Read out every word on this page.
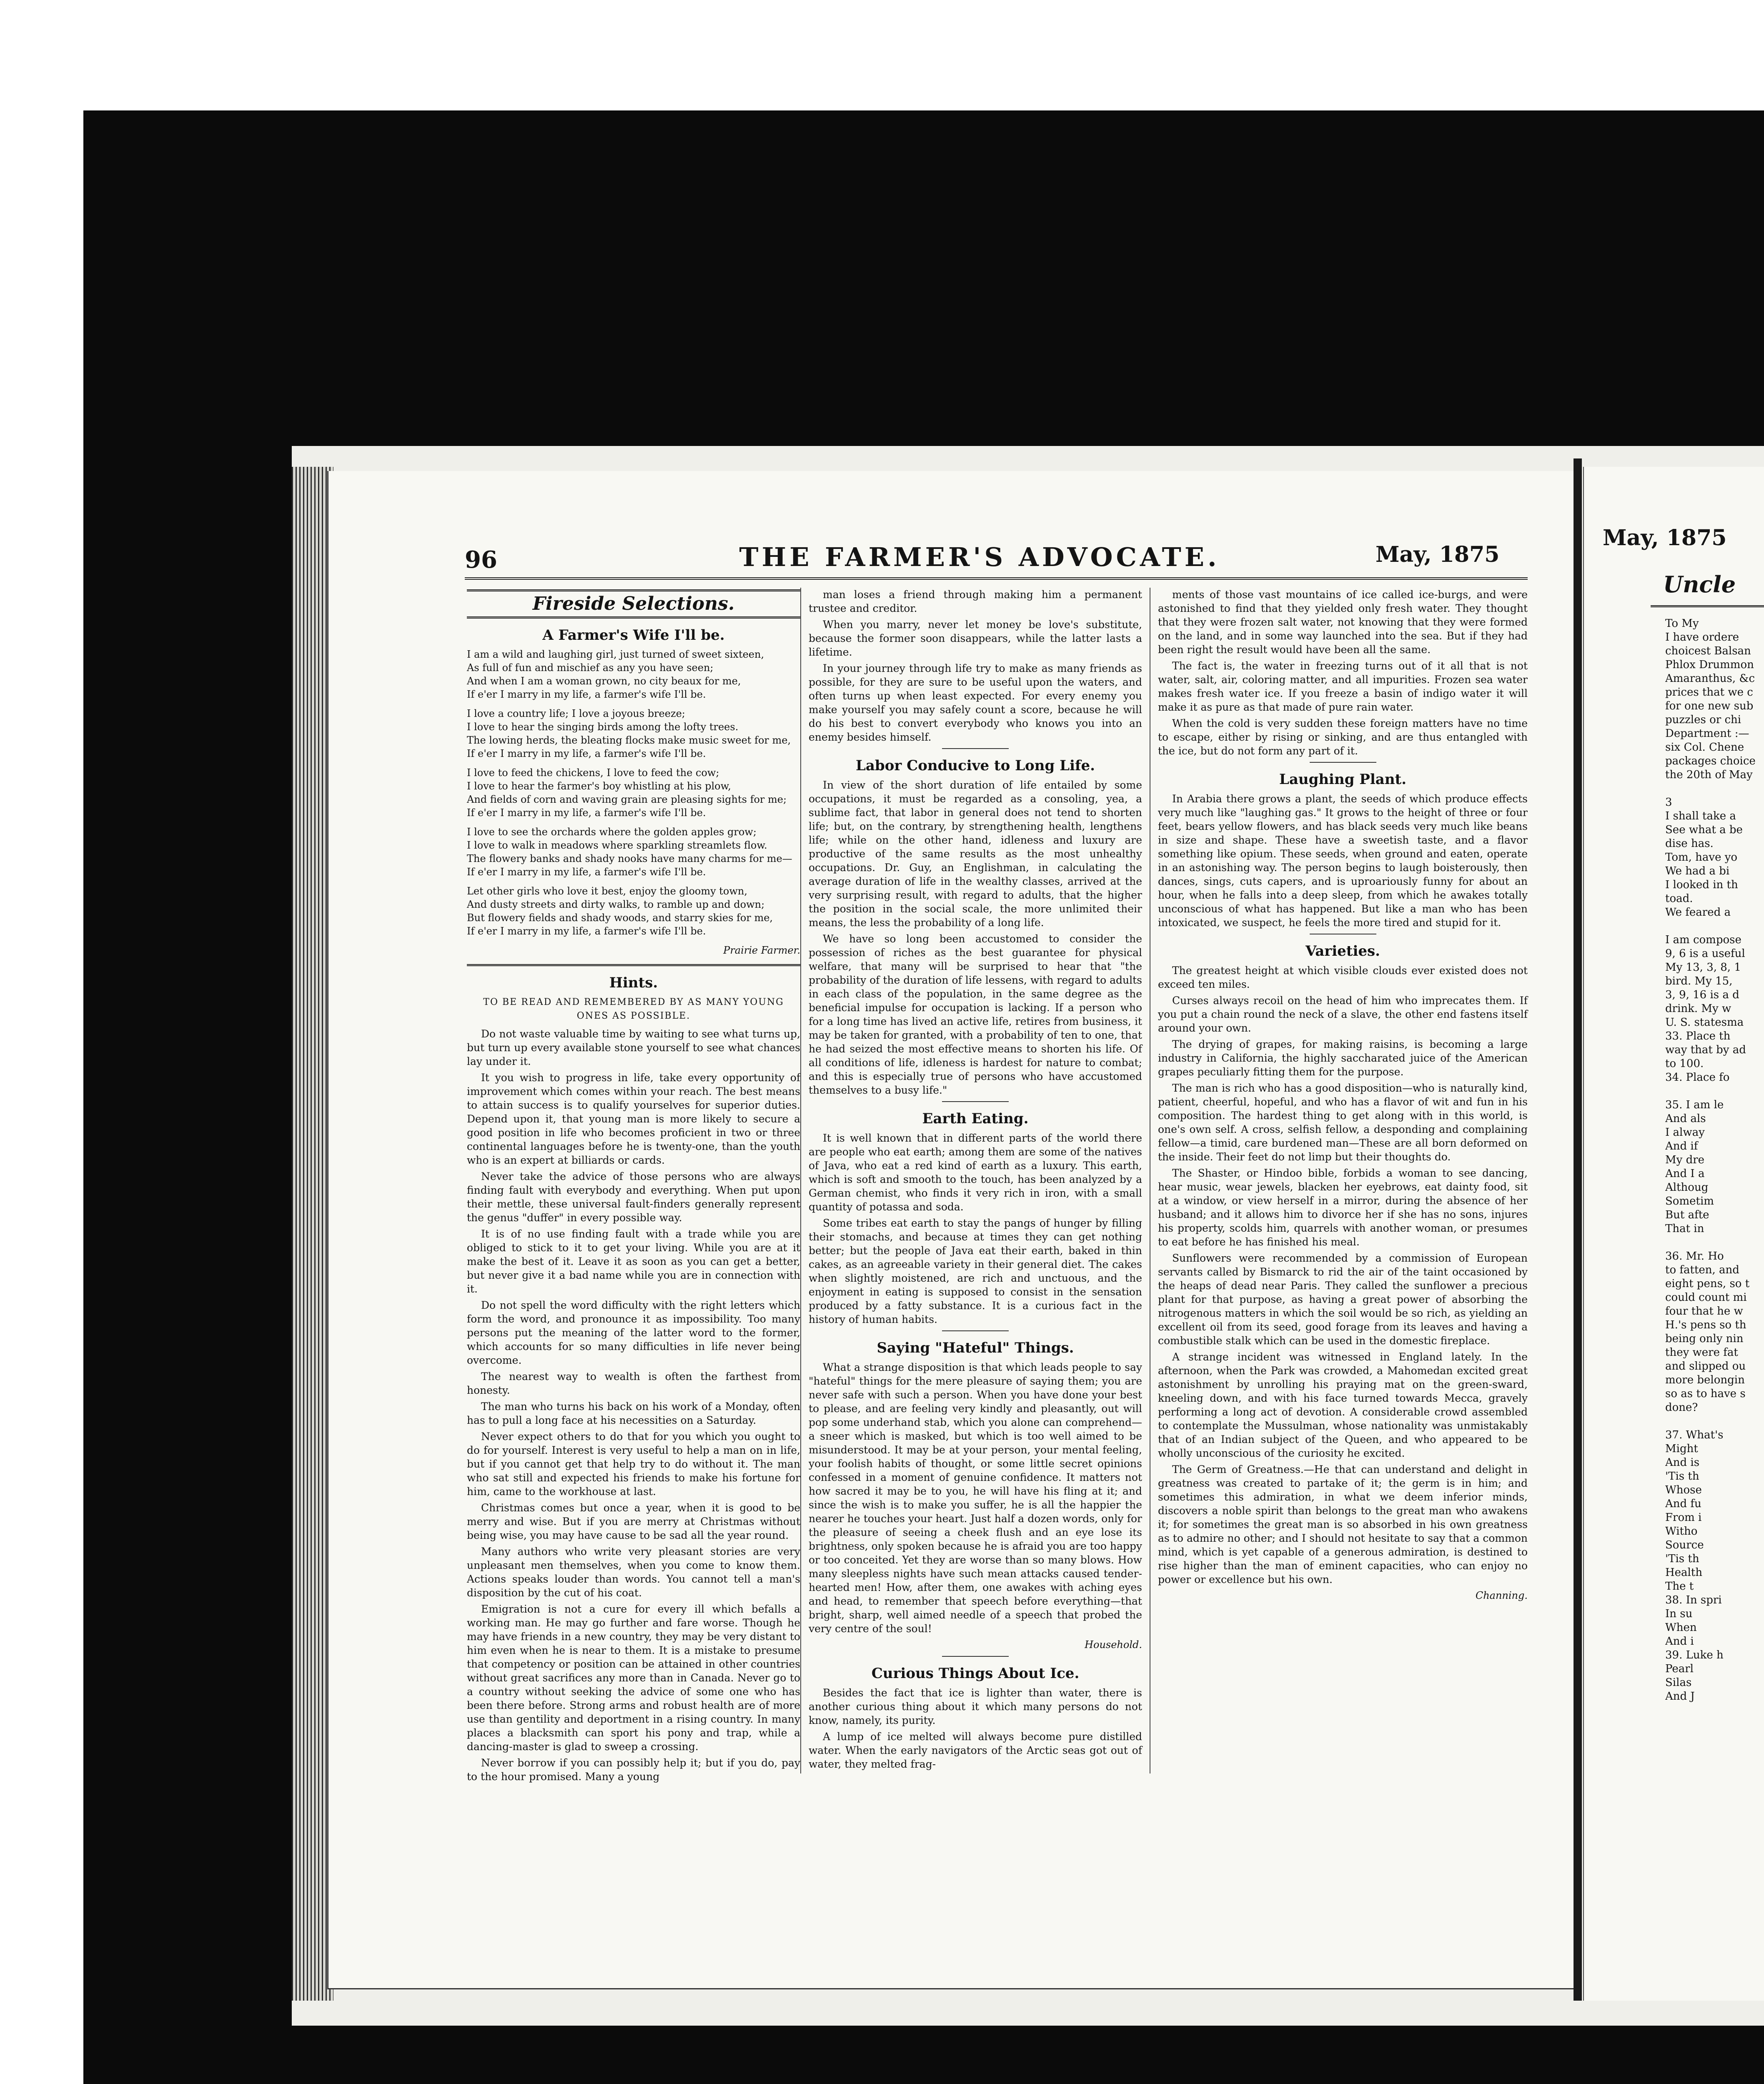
96	THE FARMER'S ADVOCATE.	May, 1875
Fireside Selections.
A Farmer's Wife I'll be.
I am a wild and laughing girl, just turned of sweet sixteen,
As full of fun and mischief as any you have seen;
And when I am a woman grown, no city beaux for me,
If e'er I marry in my life, a farmer's wife I'll be.
I love a country life; I love a joyous breeze;
I love to hear the singing birds among the lofty trees.
The lowing herds, the bleating flocks make music sweet for me,
If e'er I marry in my life, a farmer's wife I'll be.
I love to feed the chickens, I love to feed the cow;
I love to hear the farmer's boy whistling at his plow,
And fields of corn and waving grain are pleasing sights for me;
If e'er I marry in my life, a farmer's wife I'll be.
I love to see the orchards where the golden apples grow;
I love to walk in meadows where sparkling streamlets flow.
The flowery banks and shady nooks have many charms for me—
If e'er I marry in my life, a farmer's wife I'll be.
Let other girls who love it best, enjoy the gloomy town,
And dusty streets and dirty walks, to ramble up and down;
But flowery fields and shady woods, and starry skies for me,
If e'er I marry in my life, a farmer's wife I'll be.
Prairie Farmer.
Hints.
TO BE READ AND REMEMBERED BY AS MANY YOUNG ONES AS POSSIBLE.

Do not waste valuable time by waiting to see what turns up, but turn up every available stone yourself to see what chances lay under it.

It you wish to progress in life, take every opportunity of improvement which comes within your reach. The best means to attain success is to qualify yourselves for superior duties. Depend upon it, that young man is more likely to secure a good position in life who becomes proficient in two or three continental languages before he is twenty-one, than the youth who is an expert at billiards or cards.

Never take the advice of those persons who are always finding fault with everybody and everything. When put upon their mettle, these universal fault-finders generally represent the genus "duffer" in every possible way.

It is of no use finding fault with a trade while you are obliged to stick to it to get your living. While you are at it make the best of it. Leave it as soon as you can get a better, but never give it a bad name while you are in connection with it.

Do not spell the word difficulty with the right letters which form the word, and pronounce it as impossibility. Too many persons put the meaning of the latter word to the former, which accounts for so many difficulties in life never being overcome.

The nearest way to wealth is often the farthest from honesty.

The man who turns his back on his work of a Monday, often has to pull a long face at his necessities on a Saturday.

Never expect others to do that for you which you ought to do for yourself. Interest is very useful to help a man on in life, but if you cannot get that help try to do without it. The man who sat still and expected his friends to make his fortune for him, came to the workhouse at last.

Christmas comes but once a year, when it is good to be merry and wise. But if you are merry at Christmas without being wise, you may have cause to be sad all the year round.

Many authors who write very pleasant stories are very unpleasant men themselves, when you come to know them. Actions speaks louder than words. You cannot tell a man's disposition by the cut of his coat.

Emigration is not a cure for every ill which befalls a working man. He may go further and fare worse. Though he may have friends in a new country, they may be very distant to him even when he is near to them. It is a mistake to presume that competency or position can be attained in other countries without great sacrifices any more than in Canada. Never go to a country without seeking the advice of some one who has been there before. Strong arms and robust health are of more use than gentility and deportment in a rising country. In many places a blacksmith can sport his pony and trap, while a dancing-master is glad to sweep a crossing.

Never borrow if you can possibly help it; but if you do, pay to the hour promised. Many a young

man loses a friend through making him a permanent trustee and creditor.

When you marry, never let money be love's substitute, because the former soon disappears, while the latter lasts a lifetime.

In your journey through life try to make as many friends as possible, for they are sure to be useful upon the waters, and often turns up when least expected. For every enemy you make yourself you may safely count a score, because he will do his best to convert everybody who knows you into an enemy besides himself.

Labor Conducive to Long Life.

In view of the short duration of life entailed by some occupations, it must be regarded as a consoling, yea, a sublime fact, that labor in general does not tend to shorten life; but, on the contrary, by strengthening health, lengthens life; while on the other hand, idleness and luxury are productive of the same results as the most unhealthy occupations. Dr. Guy, an Englishman, in calculating the average duration of life in the wealthy classes, arrived at the very surprising result, with regard to adults, that the higher the position in the social scale, the more unlimited their means, the less the probability of a long life.

We have so long been accustomed to consider the possession of riches as the best guarantee for physical welfare, that many will be surprised to hear that "the probability of the duration of life lessens, with regard to adults in each class of the population, in the same degree as the beneficial impulse for occupation is lacking. If a person who for a long time has lived an active life, retires from business, it may be taken for granted, with a probability of ten to one, that he had seized the most effective means to shorten his life. Of all conditions of life, idleness is hardest for nature to combat; and this is especially true of persons who have accustomed themselves to a busy life."

Earth Eating.

It is well known that in different parts of the world there are people who eat earth; among them are some of the natives of Java, who eat a red kind of earth as a luxury. This earth, which is soft and smooth to the touch, has been analyzed by a German chemist, who finds it very rich in iron, with a small quantity of potassa and soda.

Some tribes eat earth to stay the pangs of hunger by filling their stomachs, and because at times they can get nothing better; but the people of Java eat their earth, baked in thin cakes, as an agreeable variety in their general diet. The cakes when slightly moistened, are rich and unctuous, and the enjoyment in eating is supposed to consist in the sensation produced by a fatty substance. It is a curious fact in the history of human habits.

Saying "Hateful" Things.

What a strange disposition is that which leads people to say "hateful" things for the mere pleasure of saying them; you are never safe with such a person. When you have done your best to please, and are feeling very kindly and pleasantly, out will pop some underhand stab, which you alone can comprehend—a sneer which is masked, but which is too well aimed to be misunderstood. It may be at your person, your mental feeling, your foolish habits of thought, or some little secret opinions confessed in a moment of genuine confidence. It matters not how sacred it may be to you, he will have his fling at it; and since the wish is to make you suffer, he is all the happier the nearer he touches your heart. Just half a dozen words, only for the pleasure of seeing a cheek flush and an eye lose its brightness, only spoken because he is afraid you are too happy or too conceited. Yet they are worse than so many blows. How many sleepless nights have such mean attacks caused tender-hearted men! How, after them, one awakes with aching eyes and head, to remember that speech before everything—that bright, sharp, well aimed needle of a speech that probed the very centre of the soul!

Household.
Curious Things About Ice.

Besides the fact that ice is lighter than water, there is another curious thing about it which many persons do not know, namely, its purity.

A lump of ice melted will always become pure distilled water. When the early navigators of the Arctic seas got out of water, they melted frag-

ments of those vast mountains of ice called ice-burgs, and were astonished to find that they yielded only fresh water. They thought that they were frozen salt water, not knowing that they were formed on the land, and in some way launched into the sea. But if they had been right the result would have been all the same.

The fact is, the water in freezing turns out of it all that is not water, salt, air, coloring matter, and all impurities. Frozen sea water makes fresh water ice. If you freeze a basin of indigo water it will make it as pure as that made of pure rain water.

When the cold is very sudden these foreign matters have no time to escape, either by rising or sinking, and are thus entangled with the ice, but do not form any part of it.

Laughing Plant.

In Arabia there grows a plant, the seeds of which produce effects very much like "laughing gas." It grows to the height of three or four feet, bears yellow flowers, and has black seeds very much like beans in size and shape. These have a sweetish taste, and a flavor something like opium. These seeds, when ground and eaten, operate in an astonishing way. The person begins to laugh boisterously, then dances, sings, cuts capers, and is uproariously funny for about an hour, when he falls into a deep sleep, from which he awakes totally unconscious of what has happened. But like a man who has been intoxicated, we suspect, he feels the more tired and stupid for it.

Varieties.

The greatest height at which visible clouds ever existed does not exceed ten miles.

Curses always recoil on the head of him who imprecates them. If you put a chain round the neck of a slave, the other end fastens itself around your own.

The drying of grapes, for making raisins, is becoming a large industry in California, the highly saccharated juice of the American grapes peculiarly fitting them for the purpose.

The man is rich who has a good disposition—who is naturally kind, patient, cheerful, hopeful, and who has a flavor of wit and fun in his composition. The hardest thing to get along with in this world, is one's own self. A cross, selfish fellow, a desponding and complaining fellow—a timid, care burdened man—These are all born deformed on the inside. Their feet do not limp but their thoughts do.

The Shaster, or Hindoo bible, forbids a woman to see dancing, hear music, wear jewels, blacken her eyebrows, eat dainty food, sit at a window, or view herself in a mirror, during the absence of her husband; and it allows him to divorce her if she has no sons, injures his property, scolds him, quarrels with another woman, or presumes to eat before he has finished his meal.

Sunflowers were recommended by a commission of European servants called by Bismarck to rid the air of the taint occasioned by the heaps of dead near Paris. They called the sunflower a precious plant for that purpose, as having a great power of absorbing the nitrogenous matters in which the soil would be so rich, as yielding an excellent oil from its seed, good forage from its leaves and having a combustible stalk which can be used in the domestic fireplace.

A strange incident was witnessed in England lately. In the afternoon, when the Park was crowded, a Mahomedan excited great astonishment by unrolling his praying mat on the green-sward, kneeling down, and with his face turned towards Mecca, gravely performing a long act of devotion. A considerable crowd assembled to contemplate the Mussulman, whose nationality was unmistakably that of an Indian subject of the Queen, and who appeared to be wholly unconscious of the curiosity he excited.

The Germ of Greatness.—He that can understand and delight in greatness was created to partake of it; the germ is in him; and sometimes this admiration, in what we deem inferior minds, discovers a noble spirit than belongs to the great man who awakens it; for sometimes the great man is so absorbed in his own greatness as to admire no other; and I should not hesitate to say that a common mind, which is yet capable of a generous admiration, is destined to rise higher than the man of eminent capacities, who can enjoy no power or excellence but his own.

Channing.
May, 1875
Uncle
To My
I have ordere
choicest Balsan
Phlox Drummon
Amaranthus, &c
prices that we c
for one new sub
puzzles or chi
Department :—
six Col. Chene
packages choice
the 20th of May
3
I shall take a
See what a be
dise has.
Tom, have yo
We had a bi
I looked in th
toad.
We feared a
I am compose
9, 6 is a useful
My 13, 3, 8, 1
bird. My 15,
3, 9, 16 is a d
drink. My w
U. S. statesma
33. Place th
way that by ad
to 100.
34. Place fo
35. I am le
And als
I alway
And if
My dre
And I a
Althoug
Sometim
But afte
That in
36. Mr. Ho
to fatten, and
eight pens, so t
could count mi
four that he w
H.'s pens so th
being only nin
they were fat
and slipped ou
more belongin
so as to have s
done?
37. What's
Might
And is
'Tis th
Whose
And fu
From i
Witho
Source
'Tis th
Health
The t
38. In spri
In su
When
And i
39. Luke h
Pearl
Silas
And J
